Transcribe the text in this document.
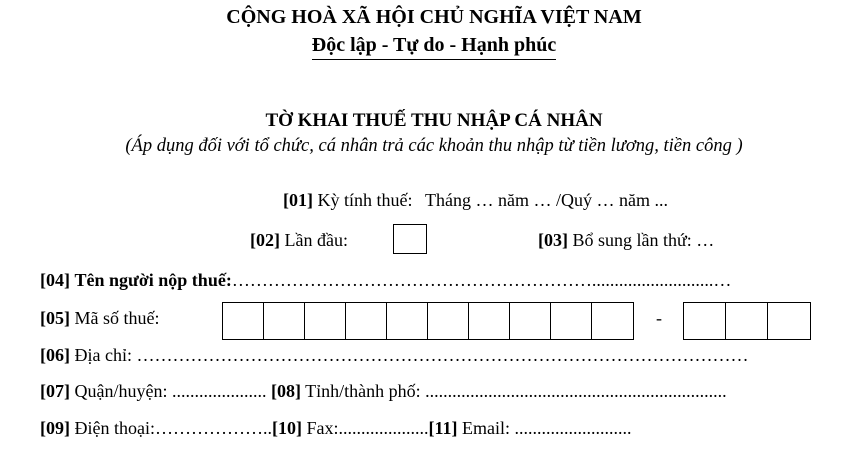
CỘNG HOÀ XÃ HỘI CHỦ NGHĨA VIỆT NAM
Độc lập - Tự do - Hạnh phúc
TỜ KHAI THUẾ THU NHẬP CÁ NHÂN
(Áp dụng đối với tổ chức, cá nhân trả các khoản thu nhập từ tiền lương, tiền công )
[01] Kỳ tính thuế: Tháng … năm … /Quý … năm ...
[02] Lần đầu:	[03] Bổ sung lần thứ: …
[04] Tên người nộp thuế:……………………………………………………...........................…
[05] Mã số thuế:	-
[06] Địa chỉ: …………………………………………………………………………………………
[07] Quận/huyện: ..................... [08] Tỉnh/thành phố: ...................................................................
[09] Điện thoại:………………..[10] Fax:....................[11] Email: ..........................
